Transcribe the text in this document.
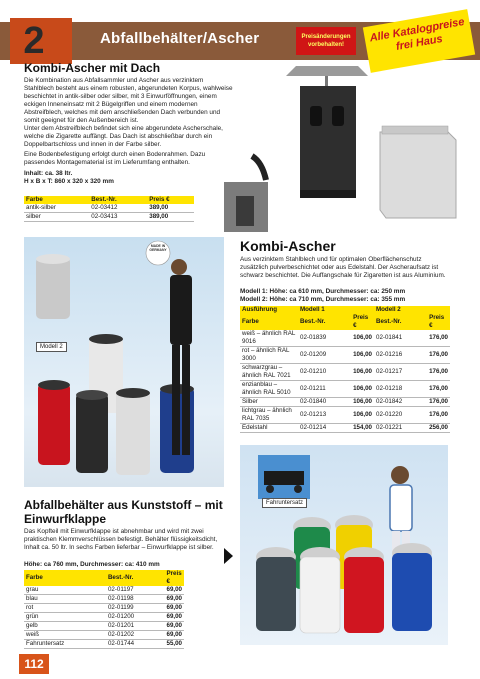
2	Abfallbehälter/Ascher	Preisänderungen vorbehalten!
Alle Katalogpreise frei Haus
Kombi-Ascher mit Dach
Die Kombination aus Abfallsammler und Ascher aus verzinktem Stahlblech besteht aus einem robusten, abgerundeten Korpus, wahlweise beschichtet in antik-silber oder silber, mit 3 Einwurföffnungen, einem eckigen Inneneinsatz mit 2 Bügelgriffen und einem modernen Abstreifblech, welches mit dem anschließenden Dach verbunden und somit geeignet für den Außenbereich ist.
Unter dem Abstreifblech befindet sich eine abgerundete Ascherschale, welche die Zigarette auffängt. Das Dach ist abschließbar durch ein Doppelbartschloss und innen in der Farbe silber.
Eine Bodenbefestigung erfolgt durch einen Bodenrahmen. Dazu passendes Montagematerial ist im Lieferumfang enthalten.
Inhalt: ca. 38 ltr.
H x B x T: 860 x 320 x 320 mm
Farbe	Best.-Nr.	Preis €
antik-silber	02-03412	389,00
silber	02-03413	389,00
MADE IN GERMANY
Modell 2
Kombi-Ascher
Aus verzinktem Stahlblech und für optimalen Oberflächenschutz zusätzlich pulverbeschichtet oder aus Edelstahl. Der Ascheraufsatz ist schwarz beschichtet. Die Auffangschale für Zigaretten ist aus Aluminium.
Modell 1: Höhe: ca 610 mm, Durchmesser: ca: 250 mm
Modell 2: Höhe: ca 710 mm, Durchmesser: ca: 355 mm
Ausführung	Modell 1		Modell 2	
Farbe	Best.-Nr.	Preis €	Best.-Nr.	Preis €
weiß – ähnlich RAL 9016	02-01839	106,00	02-01841	176,00
rot – ähnlich RAL 3000	02-01209	106,00	02-01216	176,00
schwarzgrau – ähnlich RAL 7021	02-01210	106,00	02-01217	176,00
enzianblau – ähnlich RAL 5010	02-01211	106,00	02-01218	176,00
Silber	02-01840	106,00	02-01842	176,00
lichtgrau – ähnlich RAL 7035	02-01213	106,00	02-01220	176,00
Edelstahl	02-01214	154,00	02-01221	256,00
Abfallbehälter aus Kunststoff – mit Einwurfklappe
Das Kopfteil mit Einwurfklappe ist abnehmbar und wird mit zwei praktischen Klemmverschlüssen befestigt. Behälter flüssigkeitsdicht, Inhalt ca. 50 ltr. In sechs Farben lieferbar – Einwurfklappe ist silber.
Höhe: ca 760 mm, Durchmesser: ca: 410 mm
Farbe	Best.-Nr.	Preis €
grau	02-01197	69,00
blau	02-01198	69,00
rot	02-01199	69,00
grün	02-01200	69,00
gelb	02-01201	69,00
weiß	02-01202	69,00
Fahruntersatz	02-01744	55,00
Fahruntersatz
112
